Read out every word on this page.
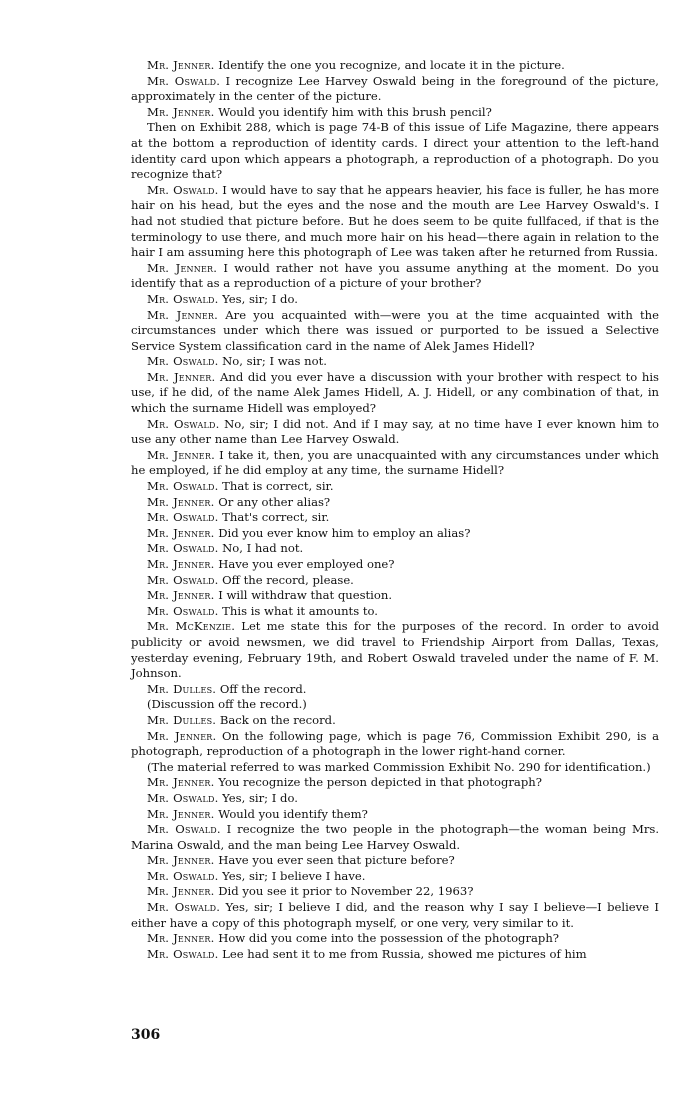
Mr. Jenner. Identify the one you recognize, and locate it in the picture.

Mr. Oswald. I recognize Lee Harvey Oswald being in the foreground of the picture, approximately in the center of the picture.

Mr. Jenner. Would you identify him with this brush pencil?

Then on Exhibit 288, which is page 74-B of this issue of Life Magazine, there appears at the bottom a reproduction of identity cards. I direct your attention to the left-hand identity card upon which appears a photograph, a reproduction of a photograph. Do you recognize that?

Mr. Oswald. I would have to say that he appears heavier, his face is fuller, he has more hair on his head, but the eyes and the nose and the mouth are Lee Harvey Oswald's. I had not studied that picture before. But he does seem to be quite fullfaced, if that is the terminology to use there, and much more hair on his head—there again in relation to the hair I am assuming here this photograph of Lee was taken after he returned from Russia.

Mr. Jenner. I would rather not have you assume anything at the moment. Do you identify that as a reproduction of a picture of your brother?

Mr. Oswald. Yes, sir; I do.

Mr. Jenner. Are you acquainted with—were you at the time acquainted with the circumstances under which there was issued or purported to be issued a Selective Service System classification card in the name of Alek James Hidell?

Mr. Oswald. No, sir; I was not.

Mr. Jenner. And did you ever have a discussion with your brother with respect to his use, if he did, of the name Alek James Hidell, A. J. Hidell, or any combination of that, in which the surname Hidell was employed?

Mr. Oswald. No, sir; I did not. And if I may say, at no time have I ever known him to use any other name than Lee Harvey Oswald.

Mr. Jenner. I take it, then, you are unacquainted with any circumstances under which he employed, if he did employ at any time, the surname Hidell?

Mr. Oswald. That is correct, sir.

Mr. Jenner. Or any other alias?

Mr. Oswald. That's correct, sir.

Mr. Jenner. Did you ever know him to employ an alias?

Mr. Oswald. No, I had not.

Mr. Jenner. Have you ever employed one?

Mr. Oswald. Off the record, please.

Mr. Jenner. I will withdraw that question.

Mr. Oswald. This is what it amounts to.

Mr. McKenzie. Let me state this for the purposes of the record. In order to avoid publicity or avoid newsmen, we did travel to Friendship Airport from Dallas, Texas, yesterday evening, February 19th, and Robert Oswald traveled under the name of F. M. Johnson.

Mr. Dulles. Off the record.

(Discussion off the record.)

Mr. Dulles. Back on the record.

Mr. Jenner. On the following page, which is page 76, Commission Exhibit 290, is a photograph, reproduction of a photograph in the lower right-hand corner.

(The material referred to was marked Commission Exhibit No. 290 for identification.)

Mr. Jenner. You recognize the person depicted in that photograph?

Mr. Oswald. Yes, sir; I do.

Mr. Jenner. Would you identify them?

Mr. Oswald. I recognize the two people in the photograph—the woman being Mrs. Marina Oswald, and the man being Lee Harvey Oswald.

Mr. Jenner. Have you ever seen that picture before?

Mr. Oswald. Yes, sir; I believe I have.

Mr. Jenner. Did you see it prior to November 22, 1963?

Mr. Oswald. Yes, sir; I believe I did, and the reason why I say I believe—I believe I either have a copy of this photograph myself, or one very, very similar to it.

Mr. Jenner. How did you come into the possession of the photograph?

Mr. Oswald. Lee had sent it to me from Russia, showed me pictures of him

306
